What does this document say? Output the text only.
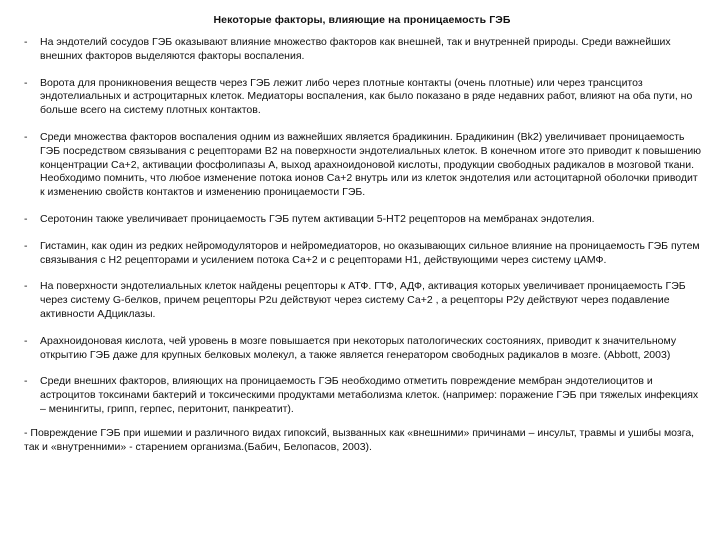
Некоторые факторы, влияющие на проницаемость ГЭБ
- На эндотелий сосудов ГЭБ оказывают влияние множество факторов как внешней, так и внутренней природы. Среди важнейших внешних факторов выделяются факторы воспаления.
- Ворота для проникновения веществ через ГЭБ лежит либо через плотные контакты (очень плотные) или через трансцитоз эндотелиальных и астроцитарных клеток. Медиаторы воспаления, как было показано в ряде недавних работ, влияют на оба пути, но больше всего на систему плотных контактов.
- Среди множества факторов воспаления одним из важнейших является брадикинин. Брадикинин (Bk2) увеличивает проницаемость ГЭБ посредством связывания с рецепторами B2 на поверхности эндотелиальных клеток. В конечном итоге это приводит к повышению концентрации Са+2, активации фосфолипазы А, выход арахноидоновой кислоты, продукции свободных радикалов в мозговой ткани. Необходимо помнить, что любое изменение потока ионов Са+2 внутрь или из клеток эндотелия или астоцитарной оболочки приводит к изменению свойств контактов и изменению проницаемости ГЭБ.
- Серотонин также увеличивает проницаемость ГЭБ путем активации 5-HT2 рецепторов на мембранах эндотелия.
- Гистамин, как один из редких нейромодуляторов и нейромедиаторов, но оказывающих сильное влияние на проницаемость ГЭБ путем связывания с H2 рецепторами и усилением потока Са+2 и с рецепторами H1, действующими через систему цАМФ.
- На поверхности эндотелиальных клеток найдены рецепторы к АТФ. ГТФ, АДФ, активация которых увеличивает проницаемость ГЭБ через систему G-белков, причем рецепторы P2u действуют через систему Са+2 , а рецепторы P2y действуют через подавление активности АДциклазы.
- Арахноидоновая кислота, чей уровень в мозге повышается при некоторых патологических состояниях, приводит к значительному открытию ГЭБ даже для крупных белковых молекул, а также является генератором свободных радикалов в мозге. (Abbott, 2003)
- Среди внешних факторов, влияющих на проницаемость ГЭБ необходимо отметить повреждение мембран эндотелиоцитов и астроцитов токсинами бактерий и токсическими продуктами метаболизма клеток. (например: поражение ГЭБ при тяжелых инфекциях – менингиты, грипп, герпес, перитонит, панкреатит).
- Повреждение ГЭБ при ишемии и различного видах гипоксий, вызванных как «внешними» причинами – инсульт, травмы и ушибы мозга, так и «внутренними» - старением организма.(Бабич, Белопасов, 2003).
